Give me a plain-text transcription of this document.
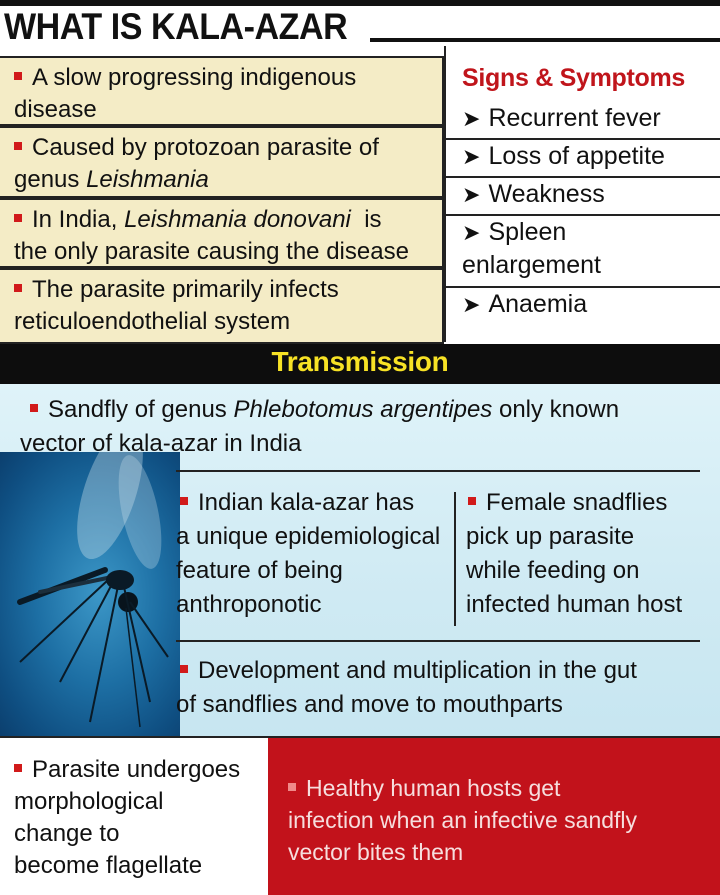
WHAT IS KALA-AZAR
A slow progressing indigenous
disease
Caused by protozoan parasite of
genus Leishmania
In India, Leishmania donovani  is
the only parasite causing the disease
The parasite primarily infects
reticuloendothelial system
Signs & Symptoms
➤ Recurrent fever
➤ Loss of appetite
➤ Weakness
➤ Spleen
enlargement
➤ Anaemia
Transmission
Sandfly of genus Phlebotomus argentipes only known
vector of kala-azar in India
Indian kala-azar has
a unique epidemiological
feature of being
anthroponotic
Female snadflies
pick up parasite
while feeding on
infected human host
Development and multiplication in the gut
of sandflies and move to mouthparts
Parasite undergoes
morphological
change to
become flagellate
Healthy human hosts get
infection when an infective sandfly
vector bites them
